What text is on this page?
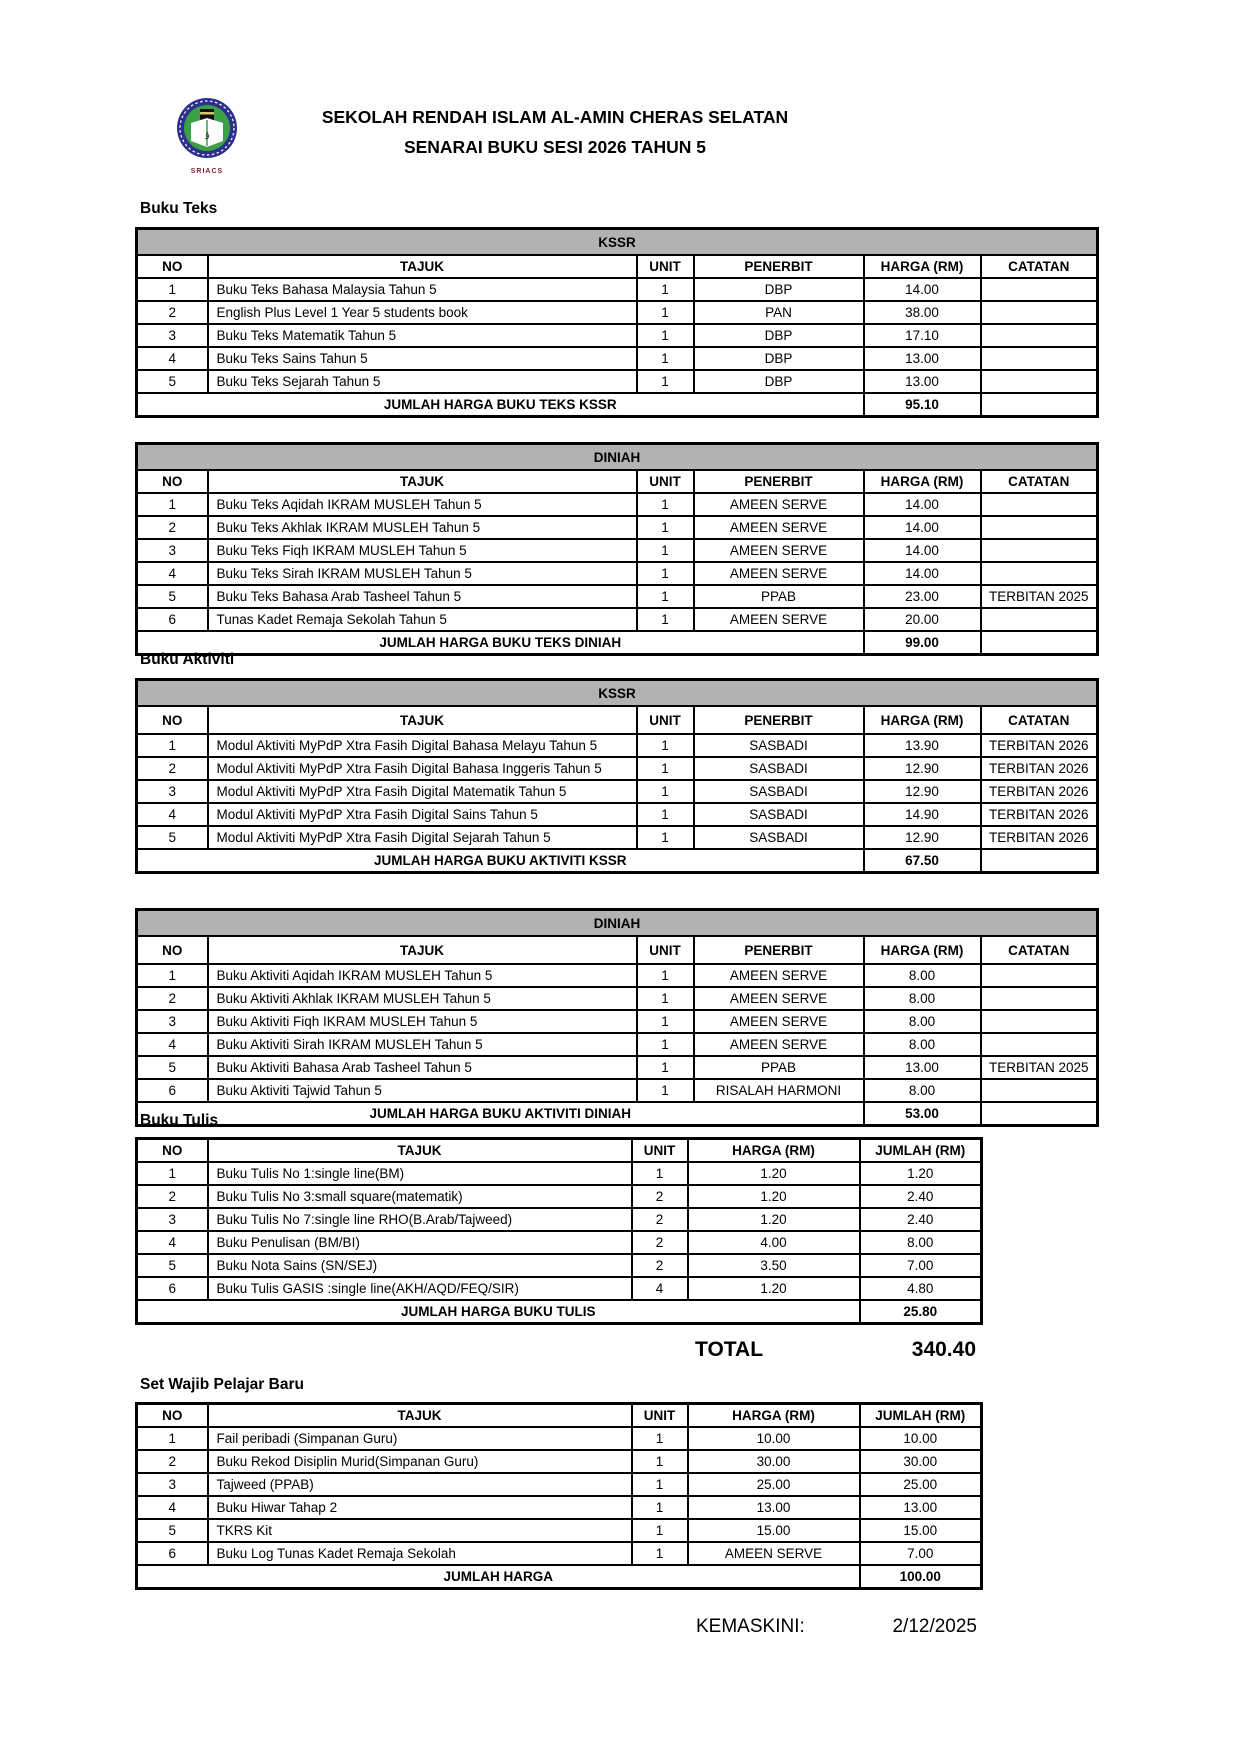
ۊ
SRIACS
SEKOLAH RENDAH ISLAM AL-AMIN CHERAS SELATAN
SENARAI BUKU SESI 2026 TAHUN 5
Buku Teks
KSSR					
NO	TAJUK	UNIT	PENERBIT	HARGA (RM)	CATATAN
1	Buku Teks Bahasa Malaysia Tahun 5	1	DBP	14.00	
2	English Plus Level 1 Year 5 students book	1	PAN	38.00	
3	Buku Teks Matematik Tahun 5	1	DBP	17.10	
4	Buku Teks Sains Tahun 5	1	DBP	13.00	
5	Buku Teks Sejarah Tahun 5	1	DBP	13.00	
JUMLAH HARGA BUKU TEKS KSSR				95.10	
DINIAH					
NO	TAJUK	UNIT	PENERBIT	HARGA (RM)	CATATAN
1	Buku Teks Aqidah IKRAM MUSLEH Tahun 5	1	AMEEN SERVE	14.00	
2	Buku Teks Akhlak IKRAM MUSLEH Tahun 5	1	AMEEN SERVE	14.00	
3	Buku Teks Fiqh IKRAM MUSLEH Tahun 5	1	AMEEN SERVE	14.00	
4	Buku Teks Sirah IKRAM MUSLEH Tahun 5	1	AMEEN SERVE	14.00	
5	Buku Teks Bahasa Arab Tasheel Tahun 5	1	PPAB	23.00	TERBITAN 2025
6	Tunas Kadet Remaja Sekolah Tahun 5	1	AMEEN SERVE	20.00	
JUMLAH HARGA BUKU TEKS DINIAH				99.00	
Buku Aktiviti
KSSR					
NO	TAJUK	UNIT	PENERBIT	HARGA (RM)	CATATAN
1	Modul Aktiviti MyPdP Xtra Fasih Digital Bahasa Melayu Tahun 5	1	SASBADI	13.90	TERBITAN 2026
2	Modul Aktiviti MyPdP Xtra Fasih Digital Bahasa Inggeris Tahun 5	1	SASBADI	12.90	TERBITAN 2026
3	Modul Aktiviti MyPdP Xtra Fasih Digital Matematik Tahun 5	1	SASBADI	12.90	TERBITAN 2026
4	Modul Aktiviti MyPdP Xtra Fasih Digital Sains Tahun 5	1	SASBADI	14.90	TERBITAN 2026
5	Modul Aktiviti MyPdP Xtra Fasih Digital Sejarah Tahun 5	1	SASBADI	12.90	TERBITAN 2026
JUMLAH HARGA BUKU AKTIVITI KSSR				67.50	
DINIAH					
NO	TAJUK	UNIT	PENERBIT	HARGA (RM)	CATATAN
1	Buku Aktiviti Aqidah IKRAM MUSLEH Tahun 5	1	AMEEN SERVE	8.00	
2	Buku Aktiviti Akhlak IKRAM MUSLEH Tahun 5	1	AMEEN SERVE	8.00	
3	Buku Aktiviti Fiqh IKRAM MUSLEH Tahun 5	1	AMEEN SERVE	8.00	
4	Buku Aktiviti Sirah IKRAM MUSLEH Tahun 5	1	AMEEN SERVE	8.00	
5	Buku Aktiviti Bahasa Arab Tasheel Tahun 5	1	PPAB	13.00	TERBITAN 2025
6	Buku Aktiviti Tajwid Tahun 5	1	RISALAH HARMONI	8.00	
JUMLAH HARGA BUKU AKTIVITI DINIAH				53.00	
Buku Tulis
NO	TAJUK	UNIT	HARGA (RM)	JUMLAH (RM)
1	Buku Tulis No 1:single line(BM)	1	1.20	1.20
2	Buku Tulis No 3:small square(matematik)	2	1.20	2.40
3	Buku Tulis No 7:single line RHO(B.Arab/Tajweed)	2	1.20	2.40
4	Buku Penulisan (BM/BI)	2	4.00	8.00
5	Buku Nota Sains (SN/SEJ)	2	3.50	7.00
6	Buku Tulis GASIS :single line(AKH/AQD/FEQ/SIR)	4	1.20	4.80
JUMLAH HARGA BUKU TULIS				25.80
TOTAL	340.40
Set Wajib Pelajar Baru
NO	TAJUK	UNIT	HARGA (RM)	JUMLAH (RM)
1	Fail peribadi (Simpanan Guru)	1	10.00	10.00
2	Buku Rekod Disiplin Murid(Simpanan Guru)	1	30.00	30.00
3	Tajweed (PPAB)	1	25.00	25.00
4	Buku Hiwar Tahap 2	1	13.00	13.00
5	TKRS Kit	1	15.00	15.00
6	Buku Log Tunas Kadet Remaja Sekolah	1	AMEEN SERVE	7.00
JUMLAH HARGA				100.00
KEMASKINI:	2/12/2025
